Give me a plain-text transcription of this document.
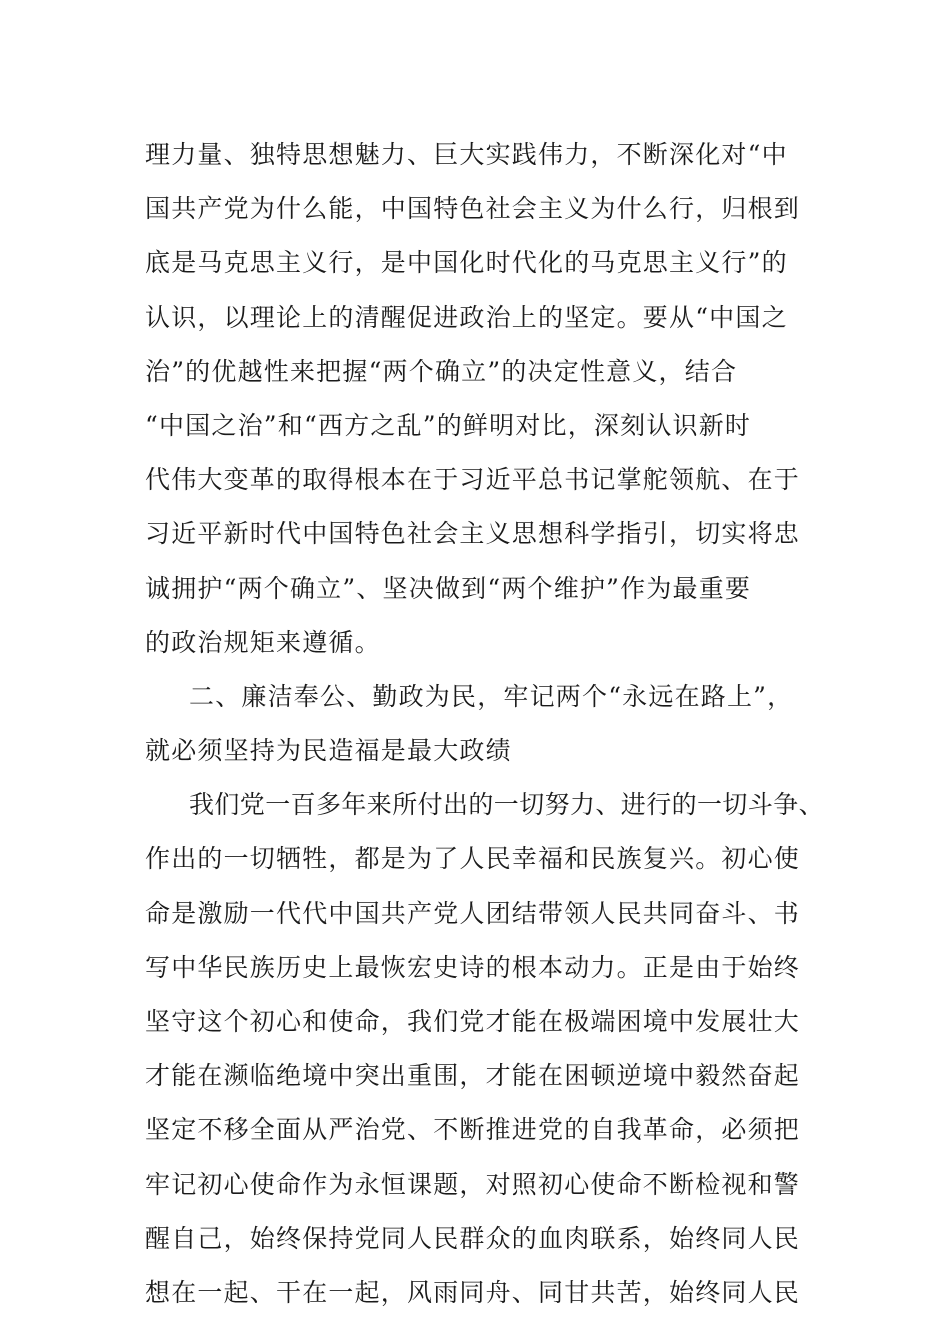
理力量、独特思想魅力、巨大实践伟力，不断深化对“中
国共产党为什么能，中国特色社会主义为什么行，归根到
底是马克思主义行，是中国化时代化的马克思主义行”的
认识，以理论上的清醒促进政治上的坚定。要从“中国之
治”的优越性来把握“两个确立”的决定性意义，结合
“中国之治”和“西方之乱”的鲜明对比，深刻认识新时
代伟大变革的取得根本在于习近平总书记掌舵领航、在于
习近平新时代中国特色社会主义思想科学指引，切实将忠
诚拥护“两个确立”、坚决做到“两个维护”作为最重要
的政治规矩来遵循。
二、廉洁奉公、勤政为民，牢记两个“永远在路上”，
就必须坚持为民造福是最大政绩
我们党一百多年来所付出的一切努力、进行的一切斗争、
作出的一切牺牲，都是为了人民幸福和民族复兴。初心使
命是激励一代代中国共产党人团结带领人民共同奋斗、书
写中华民族历史上最恢宏史诗的根本动力。正是由于始终
坚守这个初心和使命，我们党才能在极端困境中发展壮大
才能在濒临绝境中突出重围，才能在困顿逆境中毅然奋起
坚定不移全面从严治党、不断推进党的自我革命，必须把
牢记初心使命作为永恒课题，对照初心使命不断检视和警
醒自己，始终保持党同人民群众的血肉联系，始终同人民
想在一起、干在一起，风雨同舟、同甘共苦，始终同人民
